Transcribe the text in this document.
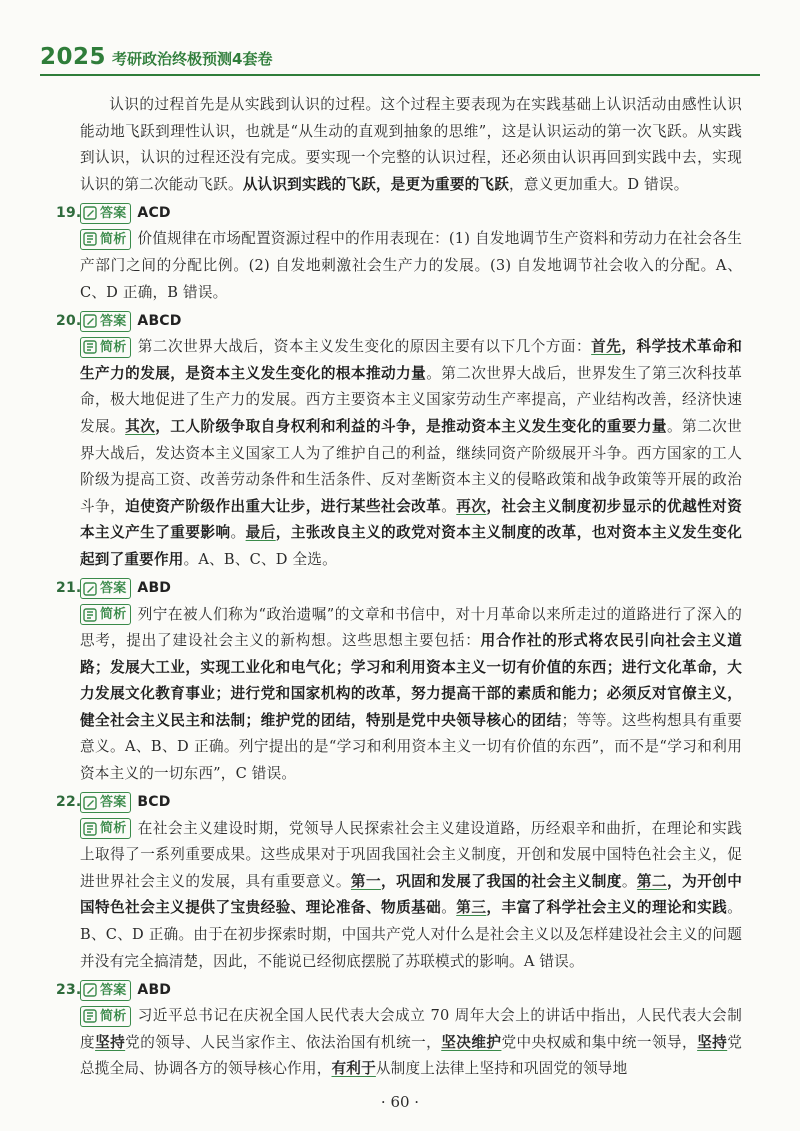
2025 考研政治终极预测4套卷

认识的过程首先是从实践到认识的过程。这个过程主要表现为在实践基础上认识活动由感性认识能动地飞跃到理性认识，也就是“从生动的直观到抽象的思维”，这是认识运动的第一次飞跃。从实践到认识，认识的过程还没有完成。要实现一个完整的认识过程，还必须由认识再回到实践中去，实现认识的第二次能动飞跃。从认识到实践的飞跃，是更为重要的飞跃，意义更加重大。D 错误。

19. 答案 ACD

简析 价值规律在市场配置资源过程中的作用表现在：(1) 自发地调节生产资料和劳动力在社会各生产部门之间的分配比例。(2) 自发地刺激社会生产力的发展。(3) 自发地调节社会收入的分配。A、C、D 正确，B 错误。

20. 答案 ABCD

简析 第二次世界大战后，资本主义发生变化的原因主要有以下几个方面：首先，科学技术革命和生产力的发展，是资本主义发生变化的根本推动力量。第二次世界大战后，世界发生了第三次科技革命，极大地促进了生产力的发展。西方主要资本主义国家劳动生产率提高，产业结构改善，经济快速发展。其次，工人阶级争取自身权利和利益的斗争，是推动资本主义发生变化的重要力量。第二次世界大战后，发达资本主义国家工人为了维护自己的利益，继续同资产阶级展开斗争。西方国家的工人阶级为提高工资、改善劳动条件和生活条件、反对垄断资本主义的侵略政策和战争政策等开展的政治斗争，迫使资产阶级作出重大让步，进行某些社会改革。再次，社会主义制度初步显示的优越性对资本主义产生了重要影响。最后，主张改良主义的政党对资本主义制度的改革，也对资本主义发生变化起到了重要作用。A、B、C、D 全选。

21. 答案 ABD

简析 列宁在被人们称为“政治遗嘱”的文章和书信中，对十月革命以来所走过的道路进行了深入的思考，提出了建设社会主义的新构想。这些思想主要包括：用合作社的形式将农民引向社会主义道路；发展大工业，实现工业化和电气化；学习和利用资本主义一切有价值的东西；进行文化革命，大力发展文化教育事业；进行党和国家机构的改革，努力提高干部的素质和能力；必须反对官僚主义，健全社会主义民主和法制；维护党的团结，特别是党中央领导核心的团结；等等。这些构想具有重要意义。A、B、D 正确。列宁提出的是“学习和利用资本主义一切有价值的东西”，而不是“学习和利用资本主义的一切东西”，C 错误。

22. 答案 BCD

简析 在社会主义建设时期，党领导人民探索社会主义建设道路，历经艰辛和曲折，在理论和实践上取得了一系列重要成果。这些成果对于巩固我国社会主义制度，开创和发展中国特色社会主义，促进世界社会主义的发展，具有重要意义。第一，巩固和发展了我国的社会主义制度。第二，为开创中国特色社会主义提供了宝贵经验、理论准备、物质基础。第三，丰富了科学社会主义的理论和实践。B、C、D 正确。由于在初步探索时期，中国共产党人对什么是社会主义以及怎样建设社会主义的问题并没有完全搞清楚，因此，不能说已经彻底摆脱了苏联模式的影响。A 错误。

23. 答案 ABD

简析 习近平总书记在庆祝全国人民代表大会成立 70 周年大会上的讲话中指出，人民代表大会制度坚持党的领导、人民当家作主、依法治国有机统一，坚决维护党中央权威和集中统一领导，坚持党总揽全局、协调各方的领导核心作用，有利于从制度上法律上坚持和巩固党的领导地

· 60 ·
